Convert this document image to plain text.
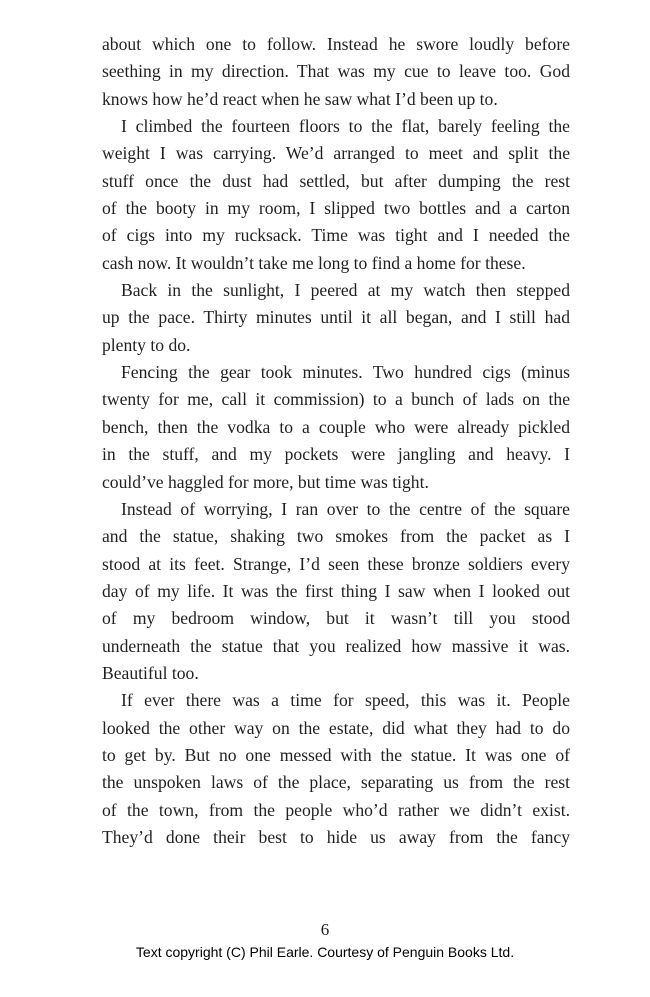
about which one to follow. Instead he swore loudly before
seething in my direction. That was my cue to leave too. God
knows how he’d react when he saw what I’d been up to.
I climbed the fourteen floors to the flat, barely feeling the
weight I was carrying. We’d arranged to meet and split the
stuff once the dust had settled, but after dumping the rest
of the booty in my room, I slipped two bottles and a carton
of cigs into my rucksack. Time was tight and I needed the
cash now. It wouldn’t take me long to find a home for these.
Back in the sunlight, I peered at my watch then stepped
up the pace. Thirty minutes until it all began, and I still had
plenty to do.
Fencing the gear took minutes. Two hundred cigs (minus
twenty for me, call it commission) to a bunch of lads on the
bench, then the vodka to a couple who were already pickled
in the stuff, and my pockets were jangling and heavy. I
could’ve haggled for more, but time was tight.
Instead of worrying, I ran over to the centre of the square
and the statue, shaking two smokes from the packet as I
stood at its feet. Strange, I’d seen these bronze soldiers every
day of my life. It was the first thing I saw when I looked out
of my bedroom window, but it wasn’t till you stood
underneath the statue that you realized how massive it was.
Beautiful too.
If ever there was a time for speed, this was it. People
looked the other way on the estate, did what they had to do
to get by. But no one messed with the statue. It was one of
the unspoken laws of the place, separating us from the rest
of the town, from the people who’d rather we didn’t exist.
They’d done their best to hide us away from the fancy
6
Text copyright (C) Phil Earle. Courtesy of Penguin Books Ltd.
